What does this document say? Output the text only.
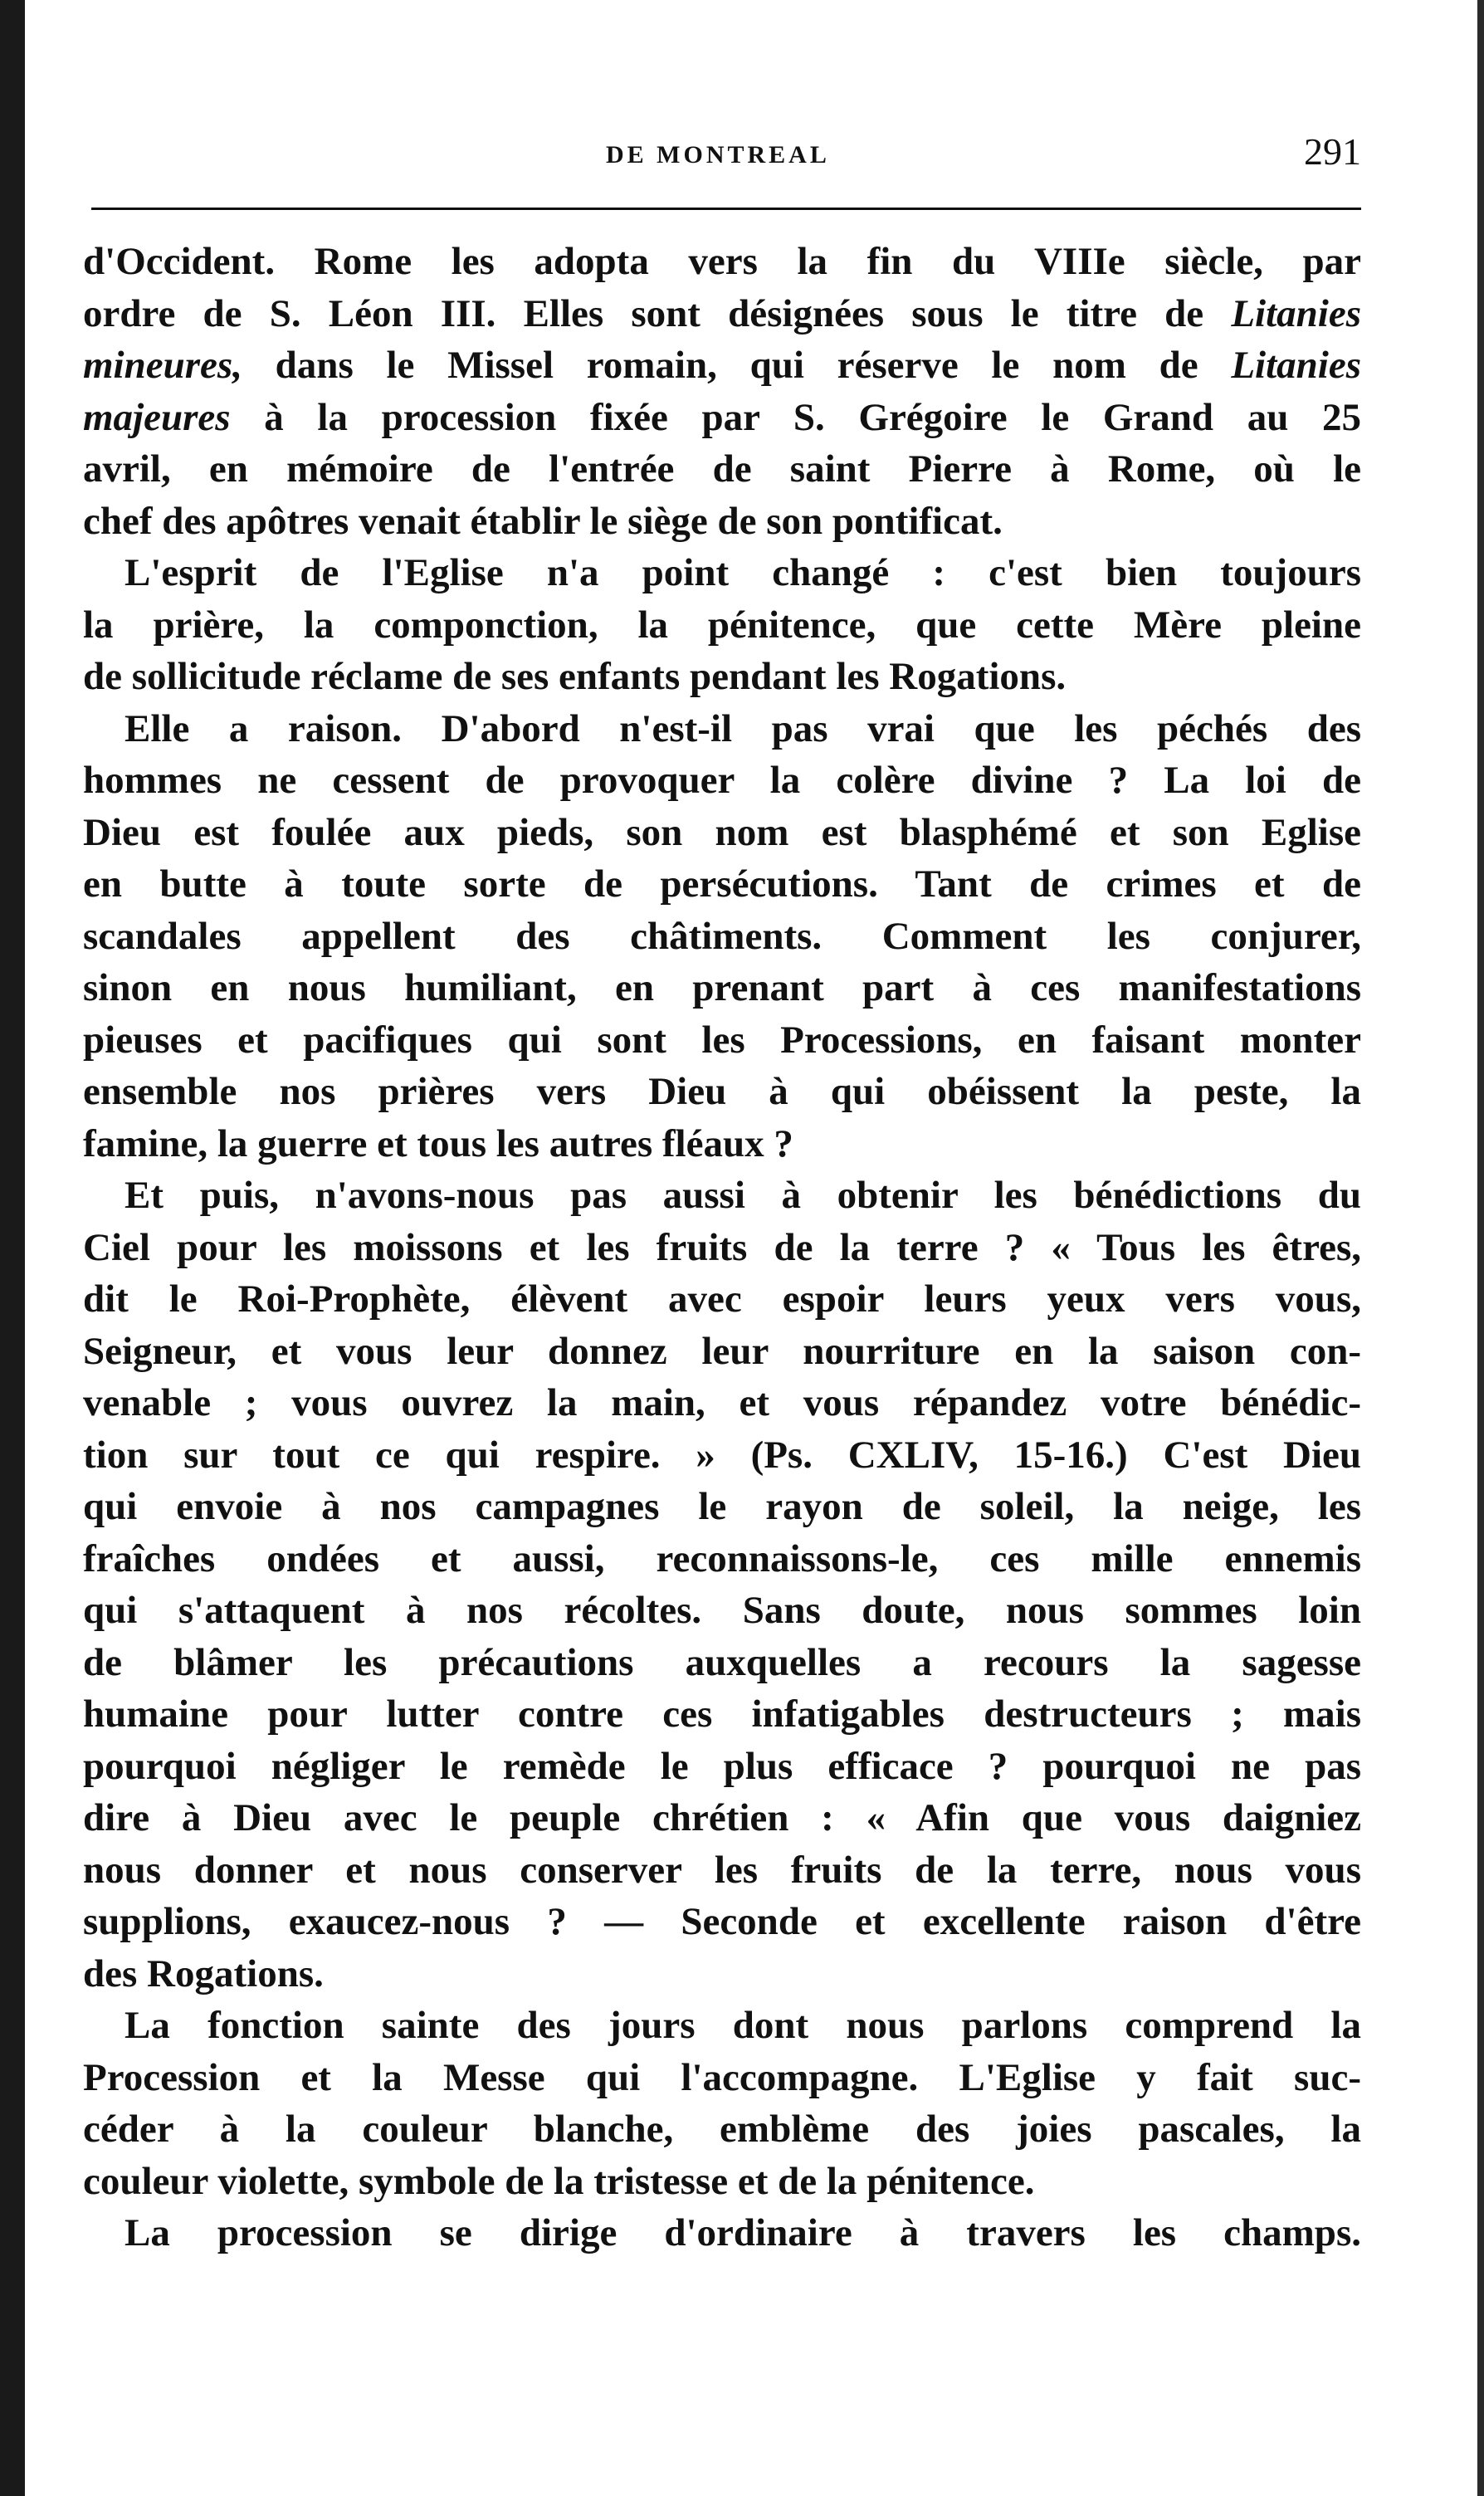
DE MONTREAL	291
d'Occident. Rome les adopta vers la fin du VIIIe siècle, par
ordre de S. Léon III. Elles sont désignées sous le titre de Litanies
mineures, dans le Missel romain, qui réserve le nom de Litanies
majeures à la procession fixée par S. Grégoire le Grand au 25
avril, en mémoire de l'entrée de saint Pierre à Rome, où le
chef des apôtres venait établir le siège de son pontificat.
L'esprit de l'Eglise n'a point changé : c'est bien toujours
la prière, la componction, la pénitence, que cette Mère pleine
de sollicitude réclame de ses enfants pendant les Rogations.
Elle a raison. D'abord n'est-il pas vrai que les péchés des
hommes ne cessent de provoquer la colère divine ? La loi de
Dieu est foulée aux pieds, son nom est blasphémé et son Eglise
en butte à toute sorte de persécutions. Tant de crimes et de
scandales appellent des châtiments. Comment les conjurer,
sinon en nous humiliant, en prenant part à ces manifestations
pieuses et pacifiques qui sont les Processions, en faisant monter
ensemble nos prières vers Dieu à qui obéissent la peste, la
famine, la guerre et tous les autres fléaux ?
Et puis, n'avons-nous pas aussi à obtenir les bénédictions du
Ciel pour les moissons et les fruits de la terre ? « Tous les êtres,
dit le Roi-Prophète, élèvent avec espoir leurs yeux vers vous,
Seigneur, et vous leur donnez leur nourriture en la saison con-
venable ; vous ouvrez la main, et vous répandez votre bénédic-
tion sur tout ce qui respire. » (Ps. CXLIV, 15-16.) C'est Dieu
qui envoie à nos campagnes le rayon de soleil, la neige, les
fraîches ondées et aussi, reconnaissons-le, ces mille ennemis
qui s'attaquent à nos récoltes. Sans doute, nous sommes loin
de blâmer les précautions auxquelles a recours la sagesse
humaine pour lutter contre ces infatigables destructeurs ; mais
pourquoi négliger le remède le plus efficace ? pourquoi ne pas
dire à Dieu avec le peuple chrétien : « Afin que vous daigniez
nous donner et nous conserver les fruits de la terre, nous vous
supplions, exaucez-nous ? — Seconde et excellente raison d'être
des Rogations.
La fonction sainte des jours dont nous parlons comprend la
Procession et la Messe qui l'accompagne. L'Eglise y fait suc-
céder à la couleur blanche, emblème des joies pascales, la
couleur violette, symbole de la tristesse et de la pénitence.
La procession se dirige d'ordinaire à travers les champs.
